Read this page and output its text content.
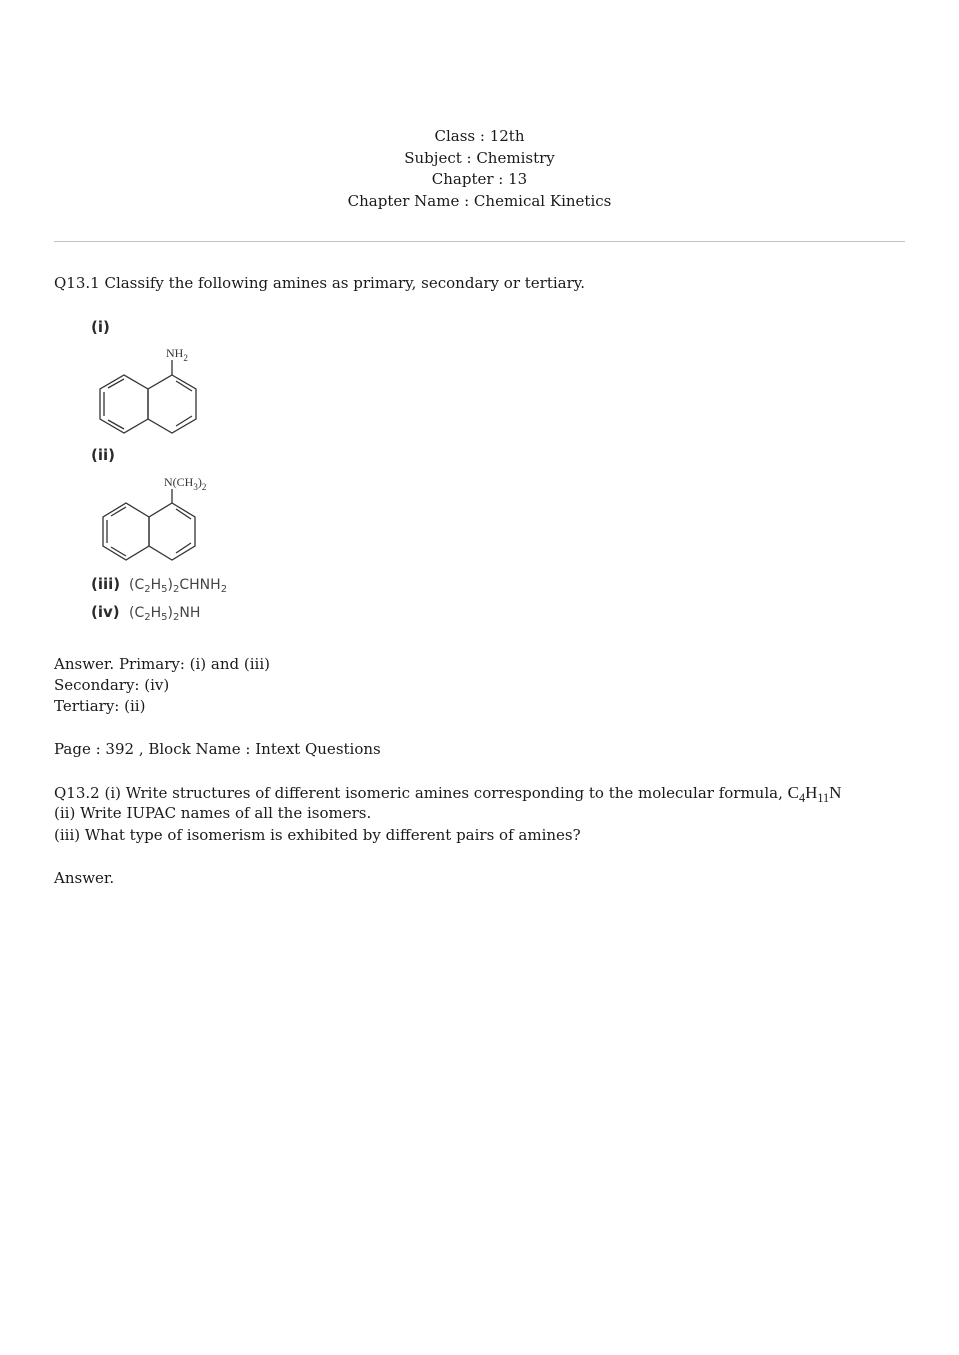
Class : 12th
Subject : Chemistry
Chapter : 13
Chapter Name : Chemical Kinetics
Q13.1 Classify the following amines as primary, secondary or tertiary.
(i)
$NH_2$
(ii)
$N(CH_3)_2$
(iii) $(C_2H_5)_2CHNH_2$
(iv) $(C_2H_5)_2NH$
Answer. Primary: (i) and (iii)
Secondary: (iv)
Tertiary: (ii)
Page : 392 , Block Name : Intext Questions
Q13.2 (i) Write structures of different isomeric amines corresponding to the molecular formula, $C_4H_{11}N$
(ii) Write IUPAC names of all the isomers.
(iii) What type of isomerism is exhibited by different pairs of amines?
Answer.
